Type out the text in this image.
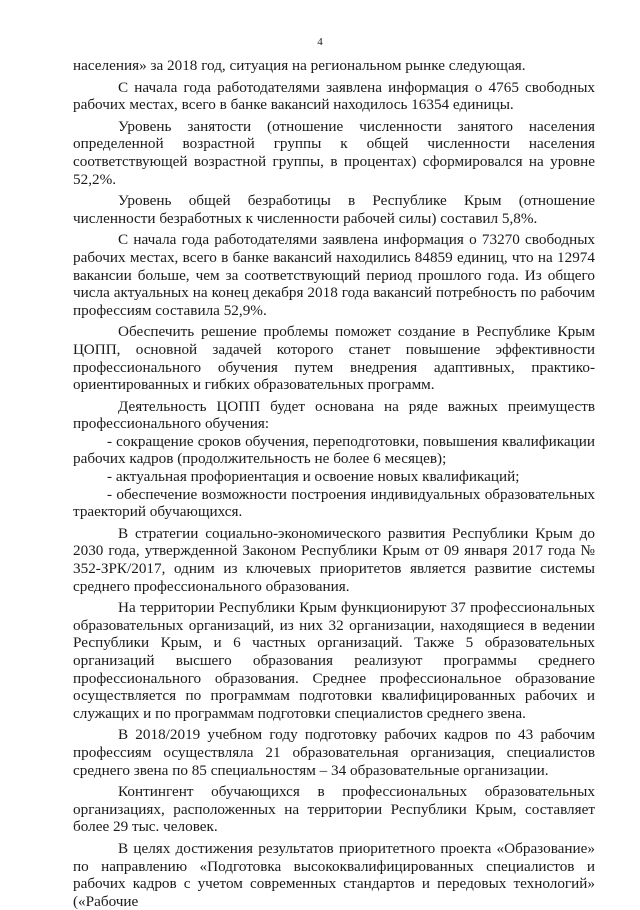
4

населения» за 2018 год, ситуация на региональном рынке следующая.

С начала года работодателями заявлена информация о 4765 свободных рабочих местах, всего в банке вакансий находилось 16354 единицы.

Уровень занятости (отношение численности занятого населения определенной возрастной группы к общей численности населения соответствующей возрастной группы, в процентах) сформировался на уровне 52,2%.

Уровень общей безработицы в Республике Крым (отношение численности безработных к численности рабочей силы) составил 5,8%.

С начала года работодателями заявлена информация о 73270 свободных рабочих местах, всего в банке вакансий находились 84859 единиц, что на 12974 вакансии больше, чем за соответствующий период прошлого года. Из общего числа актуальных на конец декабря 2018 года вакансий потребность по рабочим профессиям составила 52,9%.

Обеспечить решение проблемы поможет создание в Республике Крым ЦОПП, основной задачей которого станет повышение эффективности профессионального обучения путем внедрения адаптивных, практико-ориентированных и гибких образовательных программ.

Деятельность ЦОПП будет основана на ряде важных преимуществ профессионального обучения:

- сокращение сроков обучения, переподготовки, повышения квалификации рабочих кадров (продолжительность не более 6 месяцев);

- актуальная профориентация и освоение новых квалификаций;

- обеспечение возможности построения индивидуальных образовательных траекторий обучающихся.

В стратегии социально-экономического развития Республики Крым до 2030 года, утвержденной Законом Республики Крым от 09 января 2017 года № 352-ЗРК/2017, одним из ключевых приоритетов является развитие системы среднего профессионального образования.

На территории Республики Крым функционируют 37 профессиональных образовательных организаций, из них 32 организации, находящиеся в ведении Республики Крым, и 6 частных организаций. Также 5 образовательных организаций высшего образования реализуют программы среднего профессионального образования. Среднее профессиональное образование осуществляется по программам подготовки квалифицированных рабочих и служащих и по программам подготовки специалистов среднего звена.

В 2018/2019 учебном году подготовку рабочих кадров по 43 рабочим профессиям осуществляла 21 образовательная организация, специалистов среднего звена по 85 специальностям – 34 образовательные организации.

Контингент обучающихся в профессиональных образовательных организациях, расположенных на территории Республики Крым, составляет более 29 тыс. человек.

В целях достижения результатов приоритетного проекта «Образование» по направлению «Подготовка высококвалифицированных специалистов и рабочих кадров с учетом современных стандартов и передовых технологий» («Рабочие
